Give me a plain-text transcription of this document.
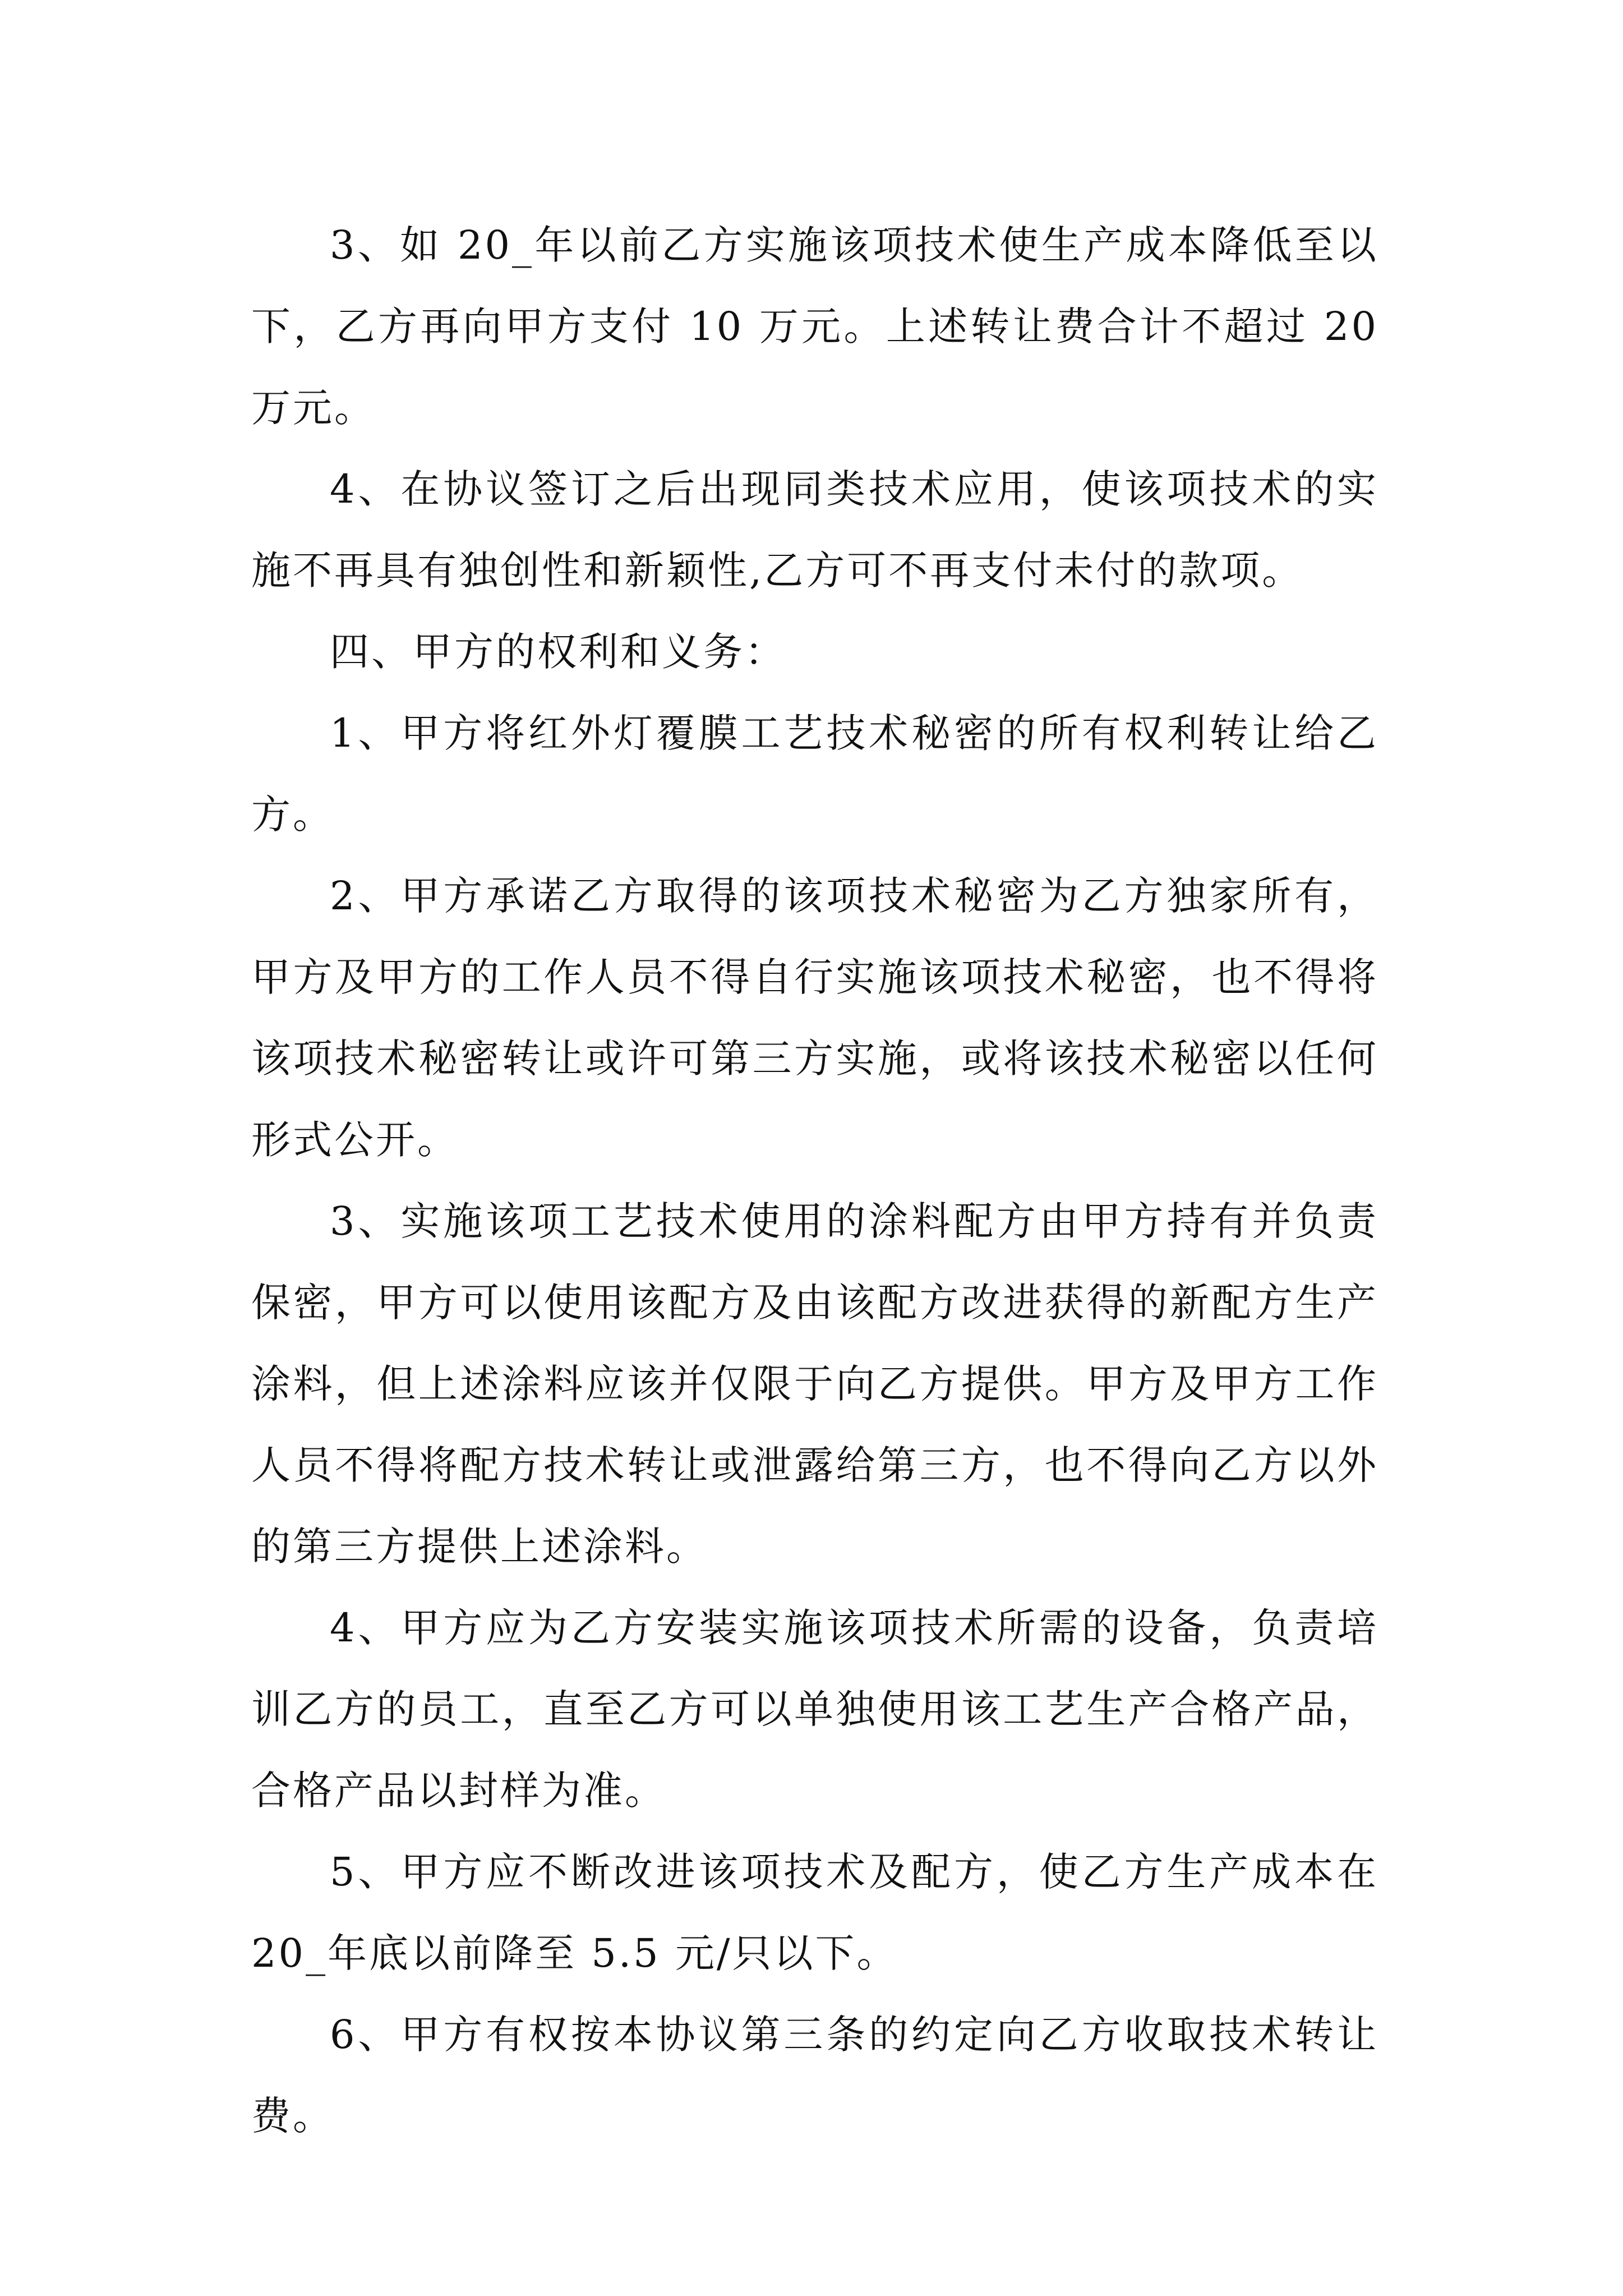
3、如 20_年以前乙方实施该项技术使生产成本降低至以下，乙方再向甲方支付 10 万元。上述转让费合计不超过 20 万元。

4、在协议签订之后出现同类技术应用，使该项技术的实施不再具有独创性和新颖性,乙方可不再支付未付的款项。

四、甲方的权利和义务：

1、甲方将红外灯覆膜工艺技术秘密的所有权利转让给乙方。

2、甲方承诺乙方取得的该项技术秘密为乙方独家所有，甲方及甲方的工作人员不得自行实施该项技术秘密，也不得将该项技术秘密转让或许可第三方实施，或将该技术秘密以任何形式公开。

3、实施该项工艺技术使用的涂料配方由甲方持有并负责保密，甲方可以使用该配方及由该配方改进获得的新配方生产涂料，但上述涂料应该并仅限于向乙方提供。甲方及甲方工作人员不得将配方技术转让或泄露给第三方，也不得向乙方以外的第三方提供上述涂料。

4、甲方应为乙方安装实施该项技术所需的设备，负责培训乙方的员工，直至乙方可以单独使用该工艺生产合格产品，合格产品以封样为准。

5、甲方应不断改进该项技术及配方，使乙方生产成本在 20_年底以前降至 5.5 元/只以下。

6、甲方有权按本协议第三条的约定向乙方收取技术转让费。
